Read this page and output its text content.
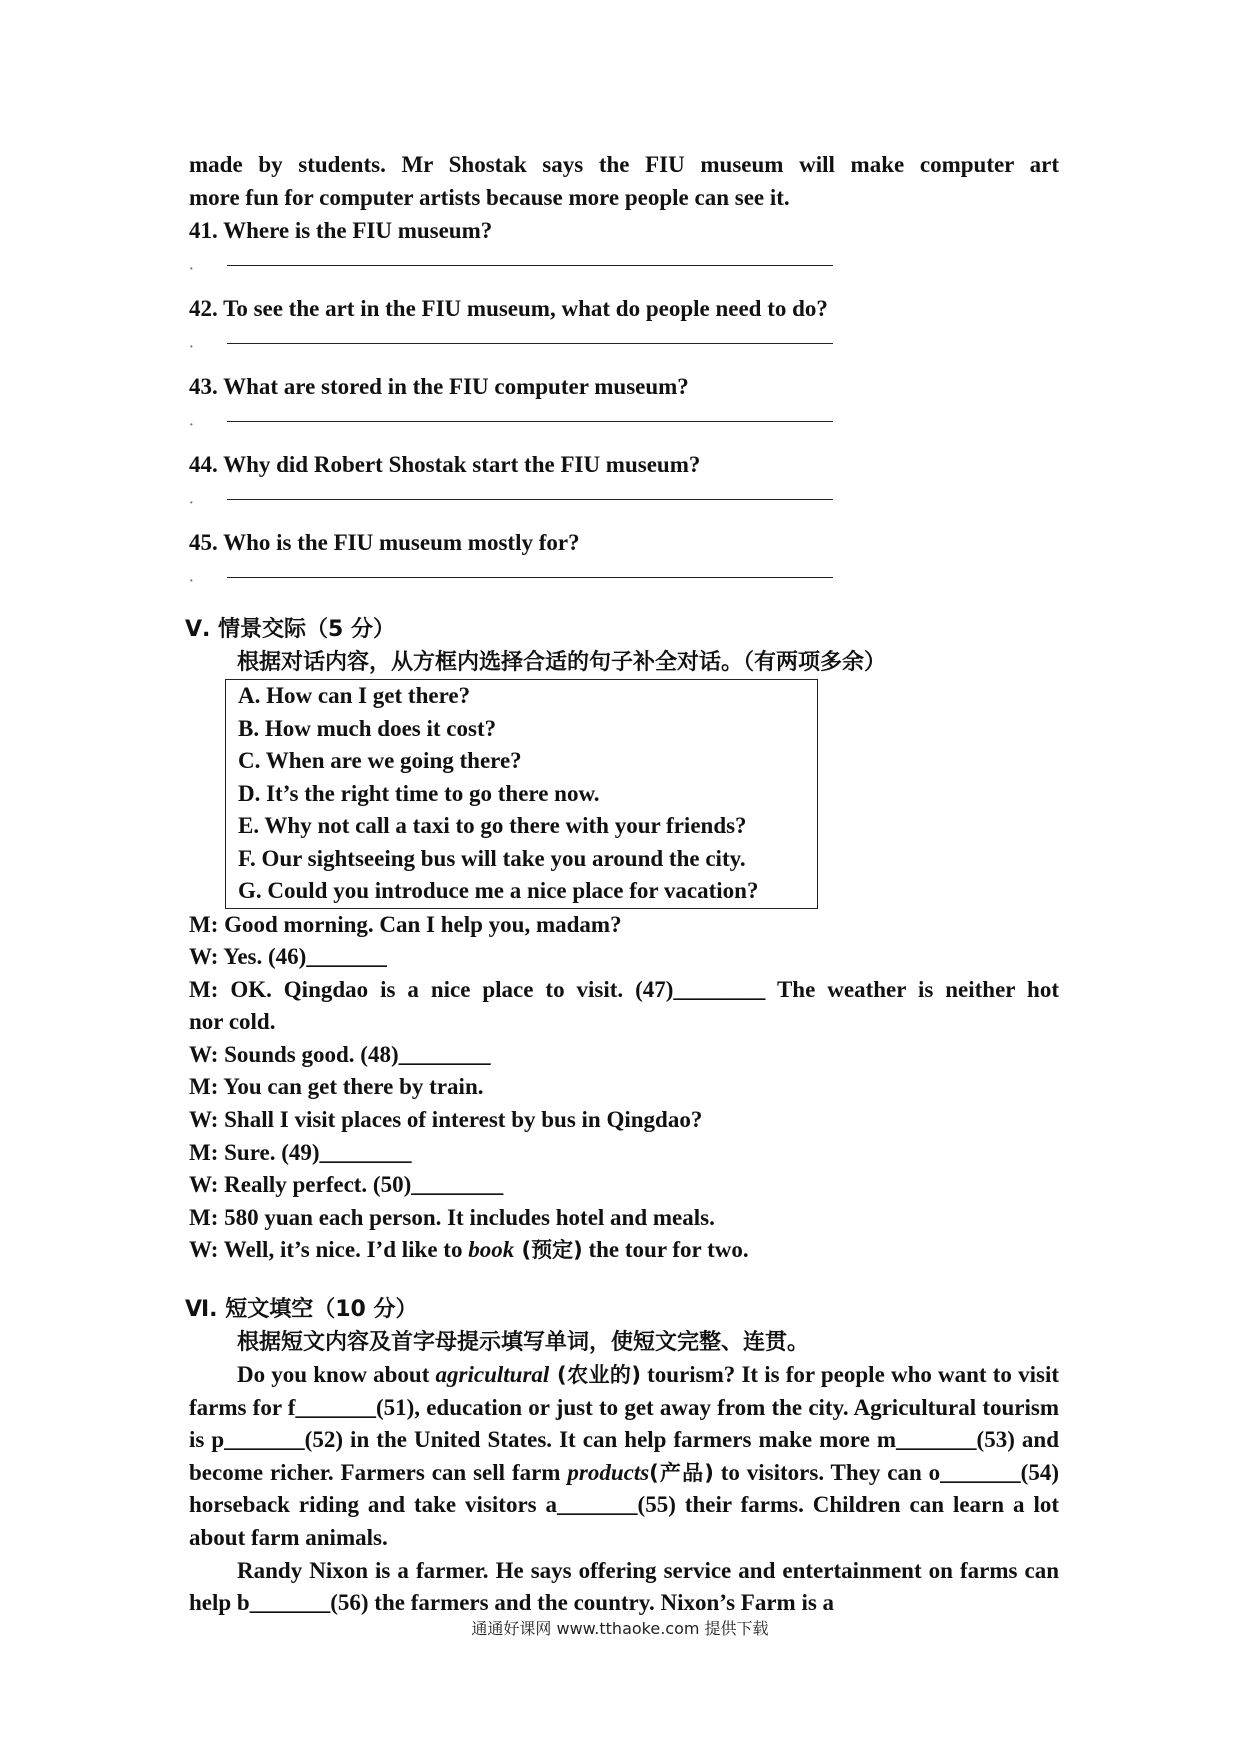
made by students. Mr Shostak says the FIU museum will make computer art

more fun for computer artists because more people can see it.

41. Where is the FIU museum?

·

42. To see the art in the FIU museum, what do people need to do?

·

43. What are stored in the FIU computer museum?

·

44. Why did Robert Shostak start the FIU museum?

·

45. Who is the FIU museum mostly for?

·

Ⅴ. 情景交际（5 分）

根据对话内容，从方框内选择合适的句子补全对话。（有两项多余）

A. How can I get there?

B. How much does it cost?

C. When are we going there?

D. It’s the right time to go there now.

E. Why not call a taxi to go there with your friends?

F. Our sightseeing bus will take you around the city.

G. Could you introduce me a nice place for vacation?

M: Good morning. Can I help you, madam?

W: Yes. (46)_______

M: OK. Qingdao is a nice place to visit. (47)________ The weather is neither hot

nor cold.

W: Sounds good. (48)________

M: You can get there by train.

W: Shall I visit places of interest by bus in Qingdao?

M: Sure. (49)________

W: Really perfect. (50)________

M: 580 yuan each person. It includes hotel and meals.

W: Well, it’s nice. I’d like to book (预定) the tour for two.

Ⅵ. 短文填空（10 分）

根据短文内容及首字母提示填写单词，使短文完整、连贯。

Do you know about agricultural (农业的) tourism? It is for people who want to visit farms for f_______(51), education or just to get away from the city. Agricultural tourism is p_______(52) in the United States. It can help farmers make more m_______(53) and become richer. Farmers can sell farm products(产品) to visitors. They can o_______(54) horseback riding and take visitors a_______(55) their farms. Children can learn a lot about farm animals.

Randy Nixon is a farmer. He says offering service and entertainment on farms can help b_______(56) the farmers and the country. Nixon’s Farm is a

通通好课网 www.tthaoke.com 提供下载
